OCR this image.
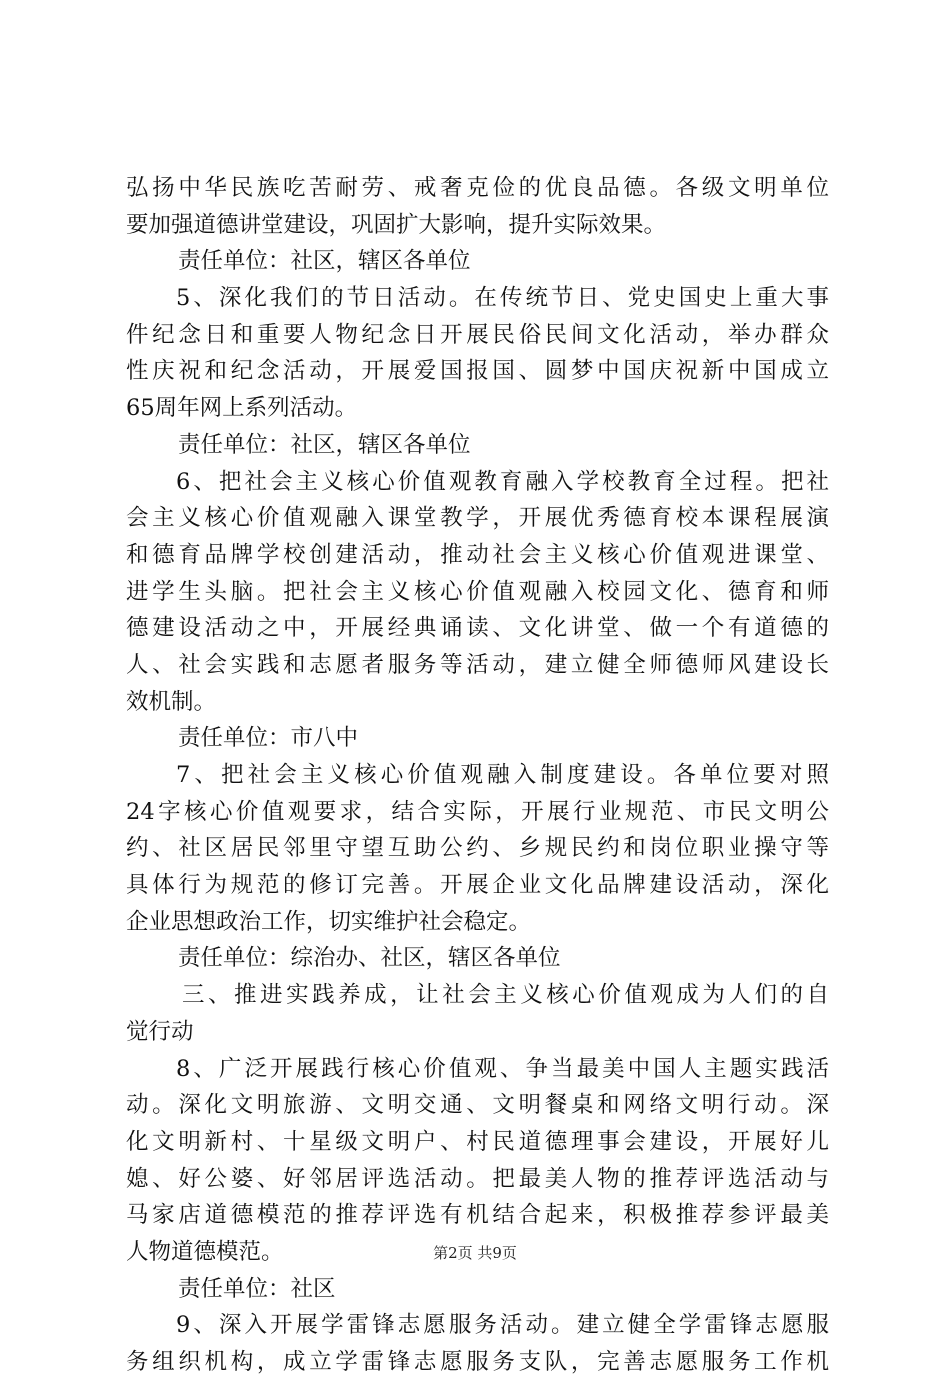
弘扬中华民族吃苦耐劳、戒奢克俭的优良品德。各级文明单位
要加强道德讲堂建设，巩固扩大影响，提升实际效果。
责任单位：社区，辖区各单位
5、深化我们的节日活动。在传统节日、党史国史上重大事
件纪念日和重要人物纪念日开展民俗民间文化活动，举办群众
性庆祝和纪念活动，开展爱国报国、圆梦中国庆祝新中国成立
65周年网上系列活动。
责任单位：社区，辖区各单位
6、把社会主义核心价值观教育融入学校教育全过程。把社
会主义核心价值观融入课堂教学，开展优秀德育校本课程展演
和德育品牌学校创建活动，推动社会主义核心价值观进课堂、
进学生头脑。把社会主义核心价值观融入校园文化、德育和师
德建设活动之中，开展经典诵读、文化讲堂、做一个有道德的
人、社会实践和志愿者服务等活动，建立健全师德师风建设长
效机制。
责任单位：市八中
7、把社会主义核心价值观融入制度建设。各单位要对照
24字核心价值观要求，结合实际，开展行业规范、市民文明公
约、社区居民邻里守望互助公约、乡规民约和岗位职业操守等
具体行为规范的修订完善。开展企业文化品牌建设活动，深化
企业思想政治工作，切实维护社会稳定。
责任单位：综治办、社区，辖区各单位
三、推进实践养成，让社会主义核心价值观成为人们的自
觉行动
8、广泛开展践行核心价值观、争当最美中国人主题实践活
动。深化文明旅游、文明交通、文明餐桌和网络文明行动。深
化文明新村、十星级文明户、村民道德理事会建设，开展好儿
媳、好公婆、好邻居评选活动。把最美人物的推荐评选活动与
马家店道德模范的推荐评选有机结合起来，积极推荐参评最美
人物道德模范。
责任单位：社区
9、深入开展学雷锋志愿服务活动。建立健全学雷锋志愿服
务组织机构，成立学雷锋志愿服务支队，完善志愿服务工作机
第2页 共9页
